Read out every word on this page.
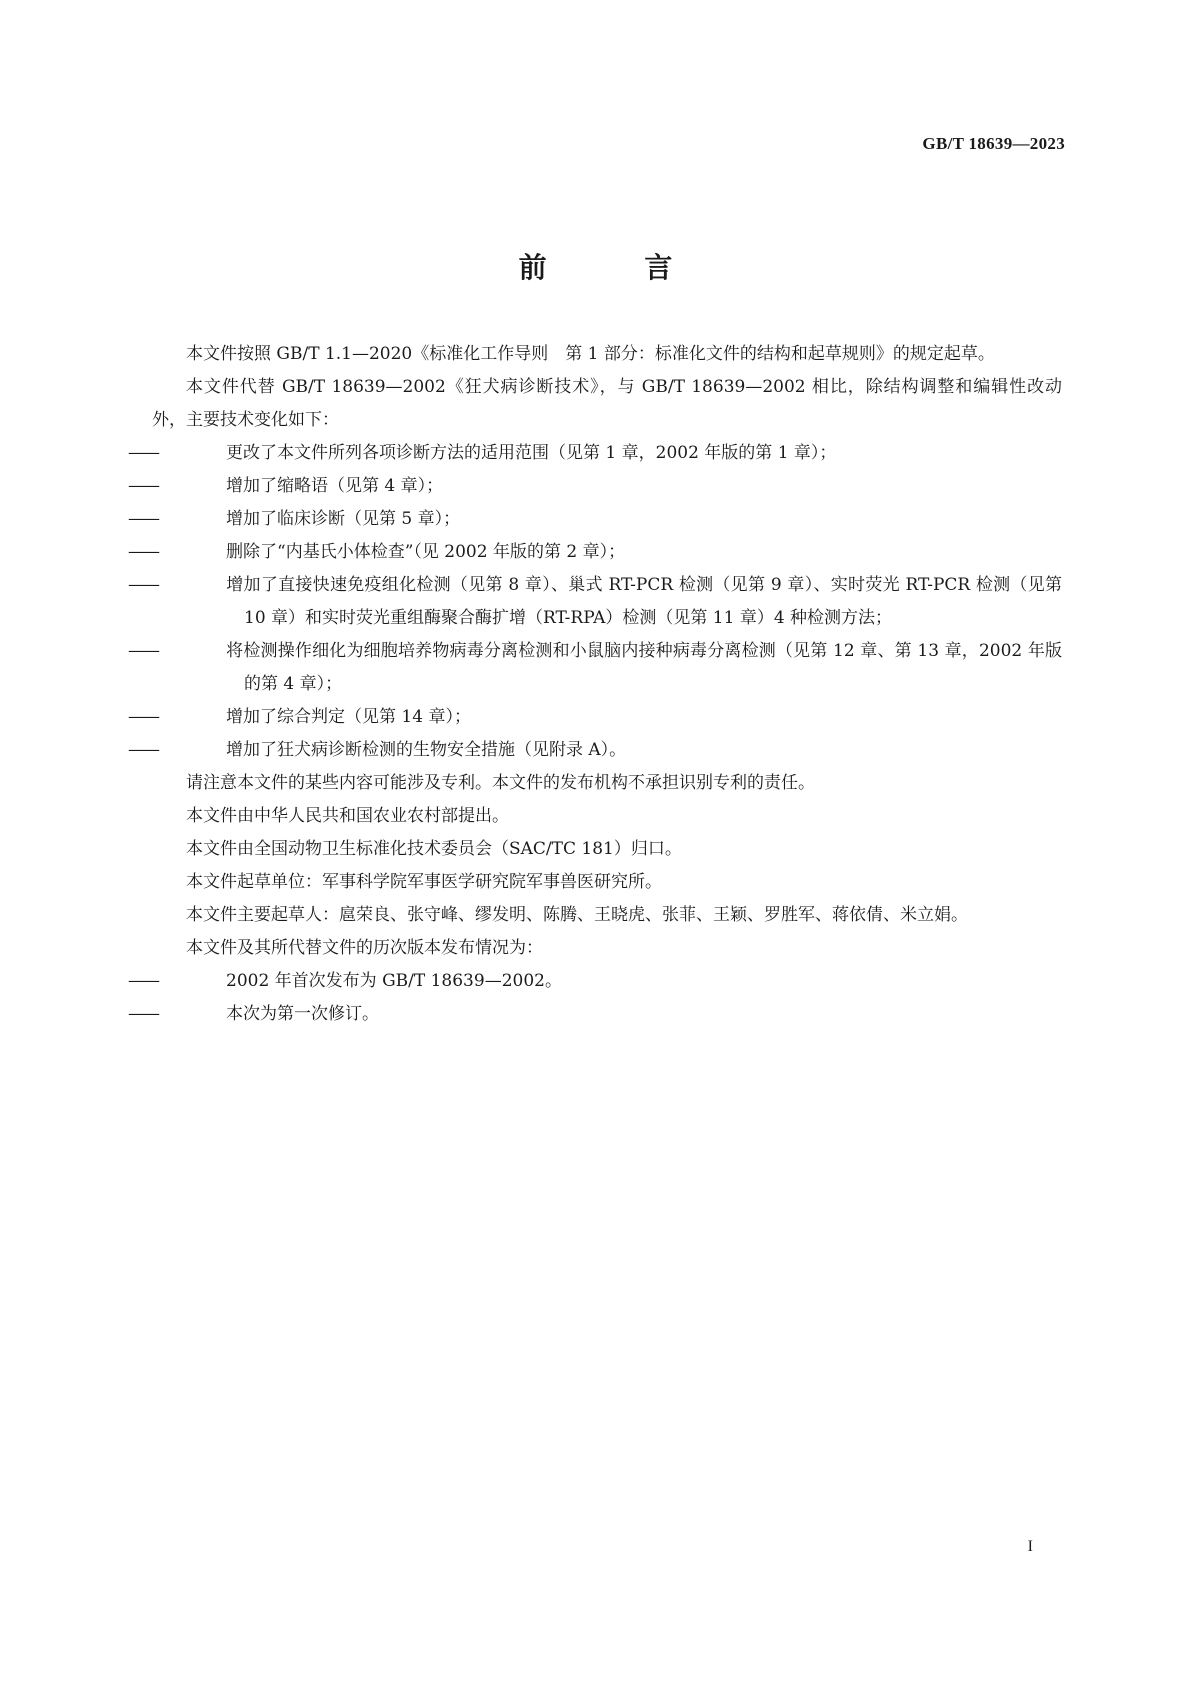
GB/T 18639—2023
前 言

本文件按照 GB/T 1.1—2020《标准化工作导则　第 1 部分：标准化文件的结构和起草规则》的规定起草。

本文件代替 GB/T 18639—2002《狂犬病诊断技术》，与 GB/T 18639—2002 相比，除结构调整和编辑性改动外，主要技术变化如下：

——	更改了本文件所列各项诊断方法的适用范围（见第 1 章，2002 年版的第 1 章）；

——	增加了缩略语（见第 4 章）；

——	增加了临床诊断（见第 5 章）；

——	删除了“内基氏小体检查”（见 2002 年版的第 2 章）；

——	增加了直接快速免疫组化检测（见第 8 章）、巢式 RT-PCR 检测（见第 9 章）、实时荧光 RT-PCR 检测（见第 10 章）和实时荧光重组酶聚合酶扩增（RT-RPA）检测（见第 11 章）4 种检测方法；

——	将检测操作细化为细胞培养物病毒分离检测和小鼠脑内接种病毒分离检测（见第 12 章、第 13 章，2002 年版的第 4 章）；

——	增加了综合判定（见第 14 章）；

——	增加了狂犬病诊断检测的生物安全措施（见附录 A）。

请注意本文件的某些内容可能涉及专利。本文件的发布机构不承担识别专利的责任。

本文件由中华人民共和国农业农村部提出。

本文件由全国动物卫生标准化技术委员会（SAC/TC 181）归口。

本文件起草单位：军事科学院军事医学研究院军事兽医研究所。

本文件主要起草人：扈荣良、张守峰、缪发明、陈腾、王晓虎、张菲、王颖、罗胜军、蒋依倩、米立娟。

本文件及其所代替文件的历次版本发布情况为：

——	2002 年首次发布为 GB/T 18639—2002。

——	本次为第一次修订。

I
